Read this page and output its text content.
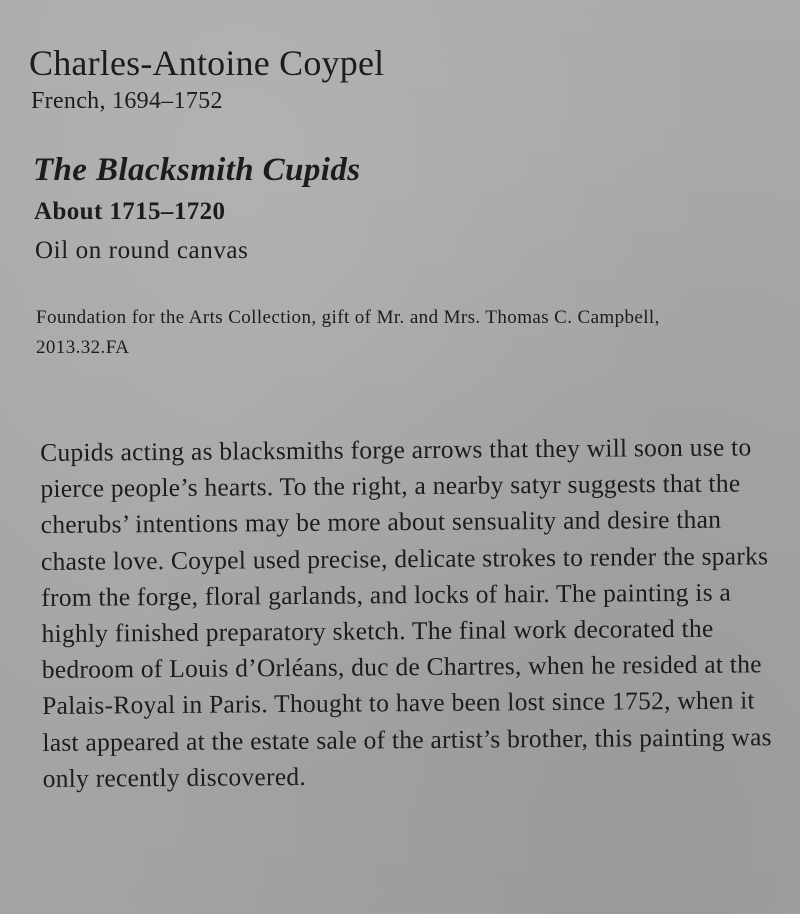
Charles-Antoine Coypel
French, 1694–1752
The Blacksmith Cupids
About 1715–1720
Oil on round canvas
Foundation for the Arts Collection, gift of Mr. and Mrs. Thomas C. Campbell, 2013.32.FA
Cupids acting as blacksmiths forge arrows that they will soon use to pierce people’s hearts. To the right, a nearby satyr suggests that the cherubs’ intentions may be more about sensuality and desire than chaste love. Coypel used precise, delicate strokes to render the sparks from the forge, floral garlands, and locks of hair. The painting is a highly finished preparatory sketch. The final work decorated the bedroom of Louis d’Orléans, duc de Chartres, when he resided at the Palais-Royal in Paris. Thought to have been lost since 1752, when it last appeared at the estate sale of the artist’s brother, this painting was only recently discovered.
